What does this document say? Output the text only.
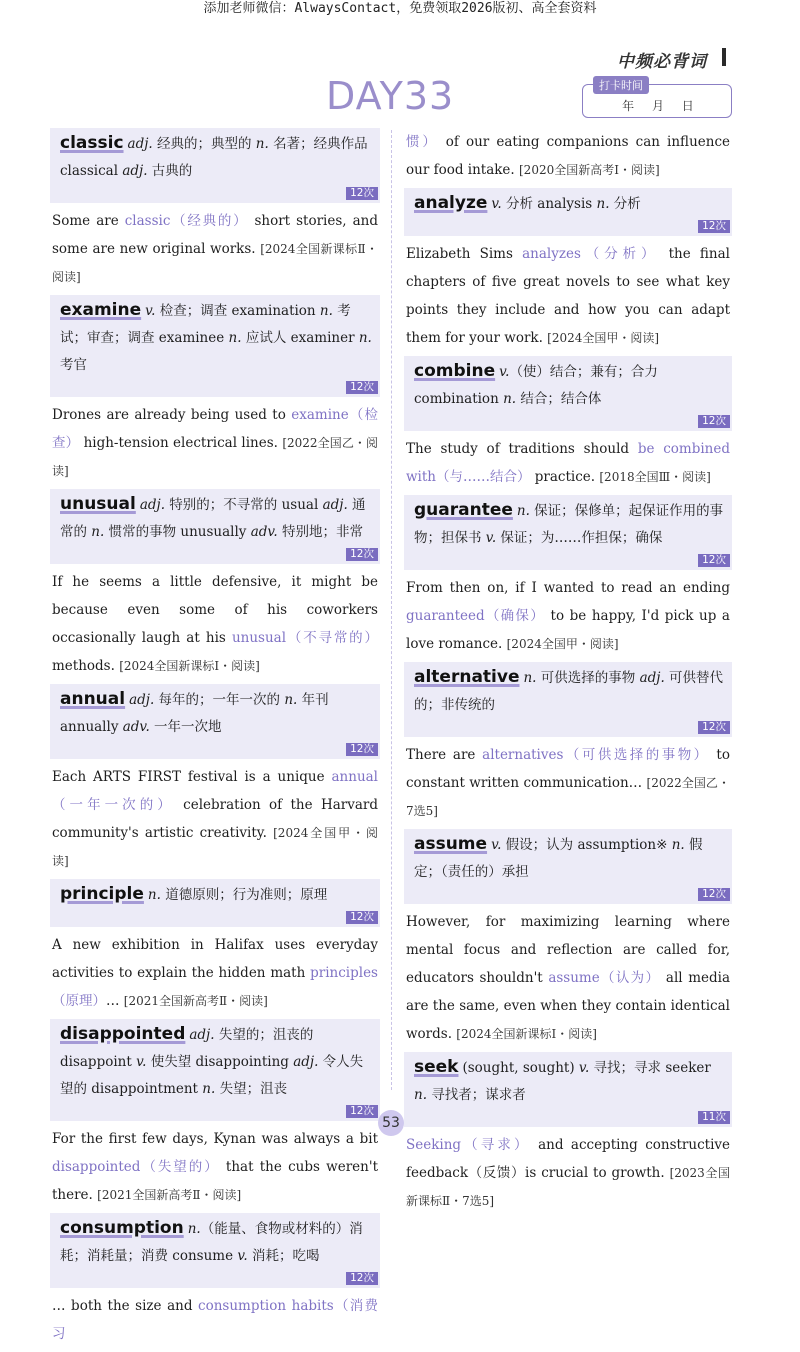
添加老师微信：AlwaysContact，免费领取2026版初、高全套资料
中频必背词
DAY33	打卡时间
年 月 日
classic adj. 经典的；典型的 n. 名著；经典作品 classical adj. 古典的
12次
Some are classic（经典的） short stories, and some are new original works. [2024全国新课标Ⅱ・阅读]
examine v. 检查；调查 examination n. 考试；审查；调查 examinee n. 应试人 examiner n. 考官
12次
Drones are already being used to examine（检查） high-tension electrical lines. [2022全国乙・阅读]
unusual adj. 特别的；不寻常的 usual adj. 通常的 n. 惯常的事物 unusually adv. 特别地；非常
12次
If he seems a little defensive, it might be because even some of his coworkers occasionally laugh at his unusual（不寻常的） methods. [2024全国新课标Ⅰ・阅读]
annual adj. 每年的；一年一次的 n. 年刊 annually adv. 一年一次地
12次
Each ARTS FIRST festival is a unique annual（一年一次的） celebration of the Harvard community's artistic creativity. [2024全国甲・阅读]
principle n. 道德原则；行为准则；原理
12次
A new exhibition in Halifax uses everyday activities to explain the hidden math principles（原理）… [2021全国新高考Ⅱ・阅读]
disappointed adj. 失望的；沮丧的 disappoint v. 使失望 disappointing adj. 令人失望的 disappointment n. 失望；沮丧
12次
For the first few days, Kynan was always a bit disappointed（失望的） that the cubs weren't there. [2021全国新高考Ⅱ・阅读]
consumption n.（能量、食物或材料的）消耗；消耗量；消费 consume v. 消耗；吃喝
12次
… both the size and consumption habits（消费习
惯） of our eating companions can influence our food intake. [2020全国新高考Ⅰ・阅读]
analyze v. 分析 analysis n. 分析
12次
Elizabeth Sims analyzes（分析） the final chapters of five great novels to see what key points they include and how you can adapt them for your work. [2024全国甲・阅读]
combine v.（使）结合；兼有；合力 combination n. 结合；结合体
12次
The study of traditions should be combined with（与……结合） practice. [2018全国Ⅲ・阅读]
guarantee n. 保证；保修单；起保证作用的事物；担保书 v. 保证；为……作担保；确保
12次
From then on, if I wanted to read an ending guaranteed（确保） to be happy, I'd pick up a love romance. [2024全国甲・阅读]
alternative n. 可供选择的事物 adj. 可供替代的；非传统的
12次
There are alternatives（可供选择的事物） to constant written communication… [2022全国乙・7选5]
assume v. 假设；认为 assumption※ n. 假定；（责任的）承担
12次
However, for maximizing learning where mental focus and reflection are called for, educators shouldn't assume（认为） all media are the same, even when they contain identical words. [2024全国新课标Ⅰ・阅读]
seek (sought, sought) v. 寻找；寻求 seeker n. 寻找者；谋求者
11次
Seeking（寻求） and accepting constructive feedback（反馈）is crucial to growth. [2023全国新课标Ⅱ・7选5]
53
